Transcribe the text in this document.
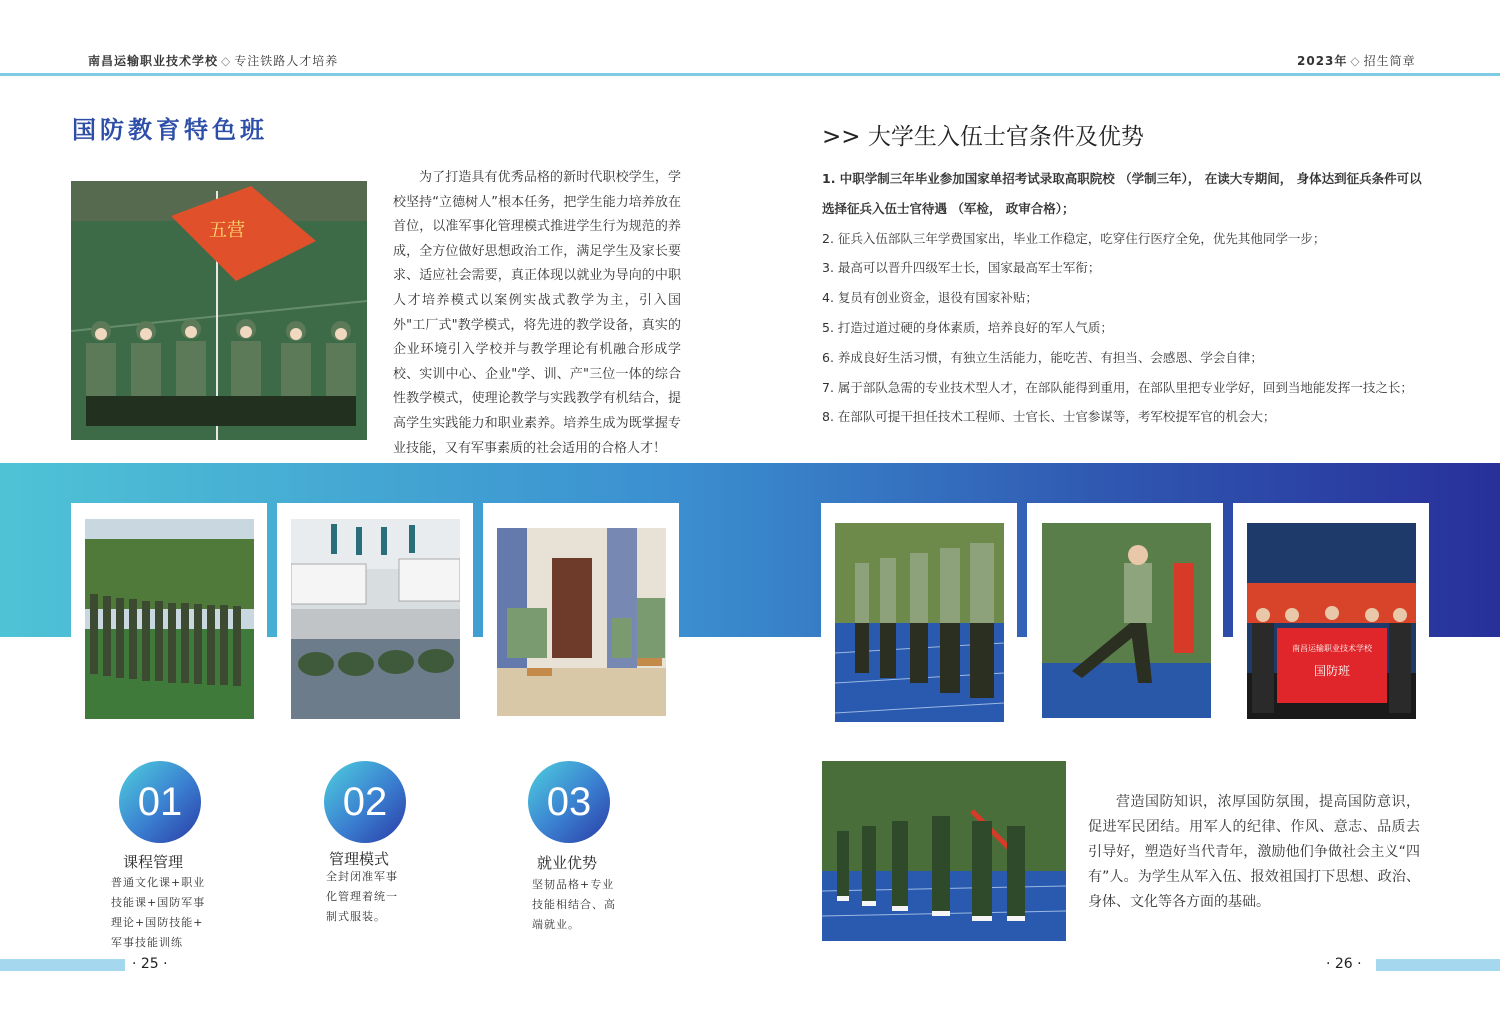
南昌运输职业技术学校 ◇ 专注铁路人才培养	2023年 ◇ 招生简章
国防教育特色班
五营
为了打造具有优秀品格的新时代职校学生，学校坚持“立德树人”根本任务，把学生能力培养放在首位，以准军事化管理模式推进学生行为规范的养成，全方位做好思想政治工作，满足学生及家长要求、适应社会需要，真正体现以就业为导向的中职人才培养模式以案例实战式教学为主，引入国外"工厂式"教学模式，将先进的教学设备，真实的企业环境引入学校并与教学理论有机融合形成学校、实训中心、企业"学、训、产"三位一体的综合性教学模式，使理论教学与实践教学有机结合，提高学生实践能力和职业素养。培养生成为既掌握专业技能，又有军事素质的社会适用的合格人才！
>> 大学生入伍士官条件及优势
1. 中职学制三年毕业参加国家单招考试录取高职院校 （学制三年）， 在读大专期间， 身体达到征兵条件可以选择征兵入伍士官待遇 （军检， 政审合格）；
2. 征兵入伍部队三年学费国家出，毕业工作稳定，吃穿住行医疗全免，优先其他同学一步；
3. 最高可以晋升四级军士长，国家最高军士军衔；
4. 复员有创业资金，退役有国家补贴；
5. 打造过道过硬的身体素质，培养良好的军人气质；
6. 养成良好生活习惯，有独立生活能力，能吃苦、有担当、会感恩、学会自律；
7. 属于部队急需的专业技术型人才，在部队能得到重用，在部队里把专业学好，回到当地能发挥一技之长；
8. 在部队可提干担任技术工程师、士官长、士官参谋等，考军校提军官的机会大；
南昌运输职业技术学校
国防班
01	02	03
课程管理	管理模式	就业优势
普通文化课+职业
技能课+国防军事
理论+国防技能+
军事技能训练
全封闭准军事
化管理着统一
制式服装。
坚韧品格+专业
技能相结合、高
端就业。
营造国防知识，浓厚国防氛围，提高国防意识，促进军民团结。用军人的纪律、作风、意志、品质去引导好，塑造好当代青年，激励他们争做社会主义“四有”人。为学生从军入伍、报效祖国打下思想、政治、身体、文化等各方面的基础。
· 25 ·	· 26 ·
